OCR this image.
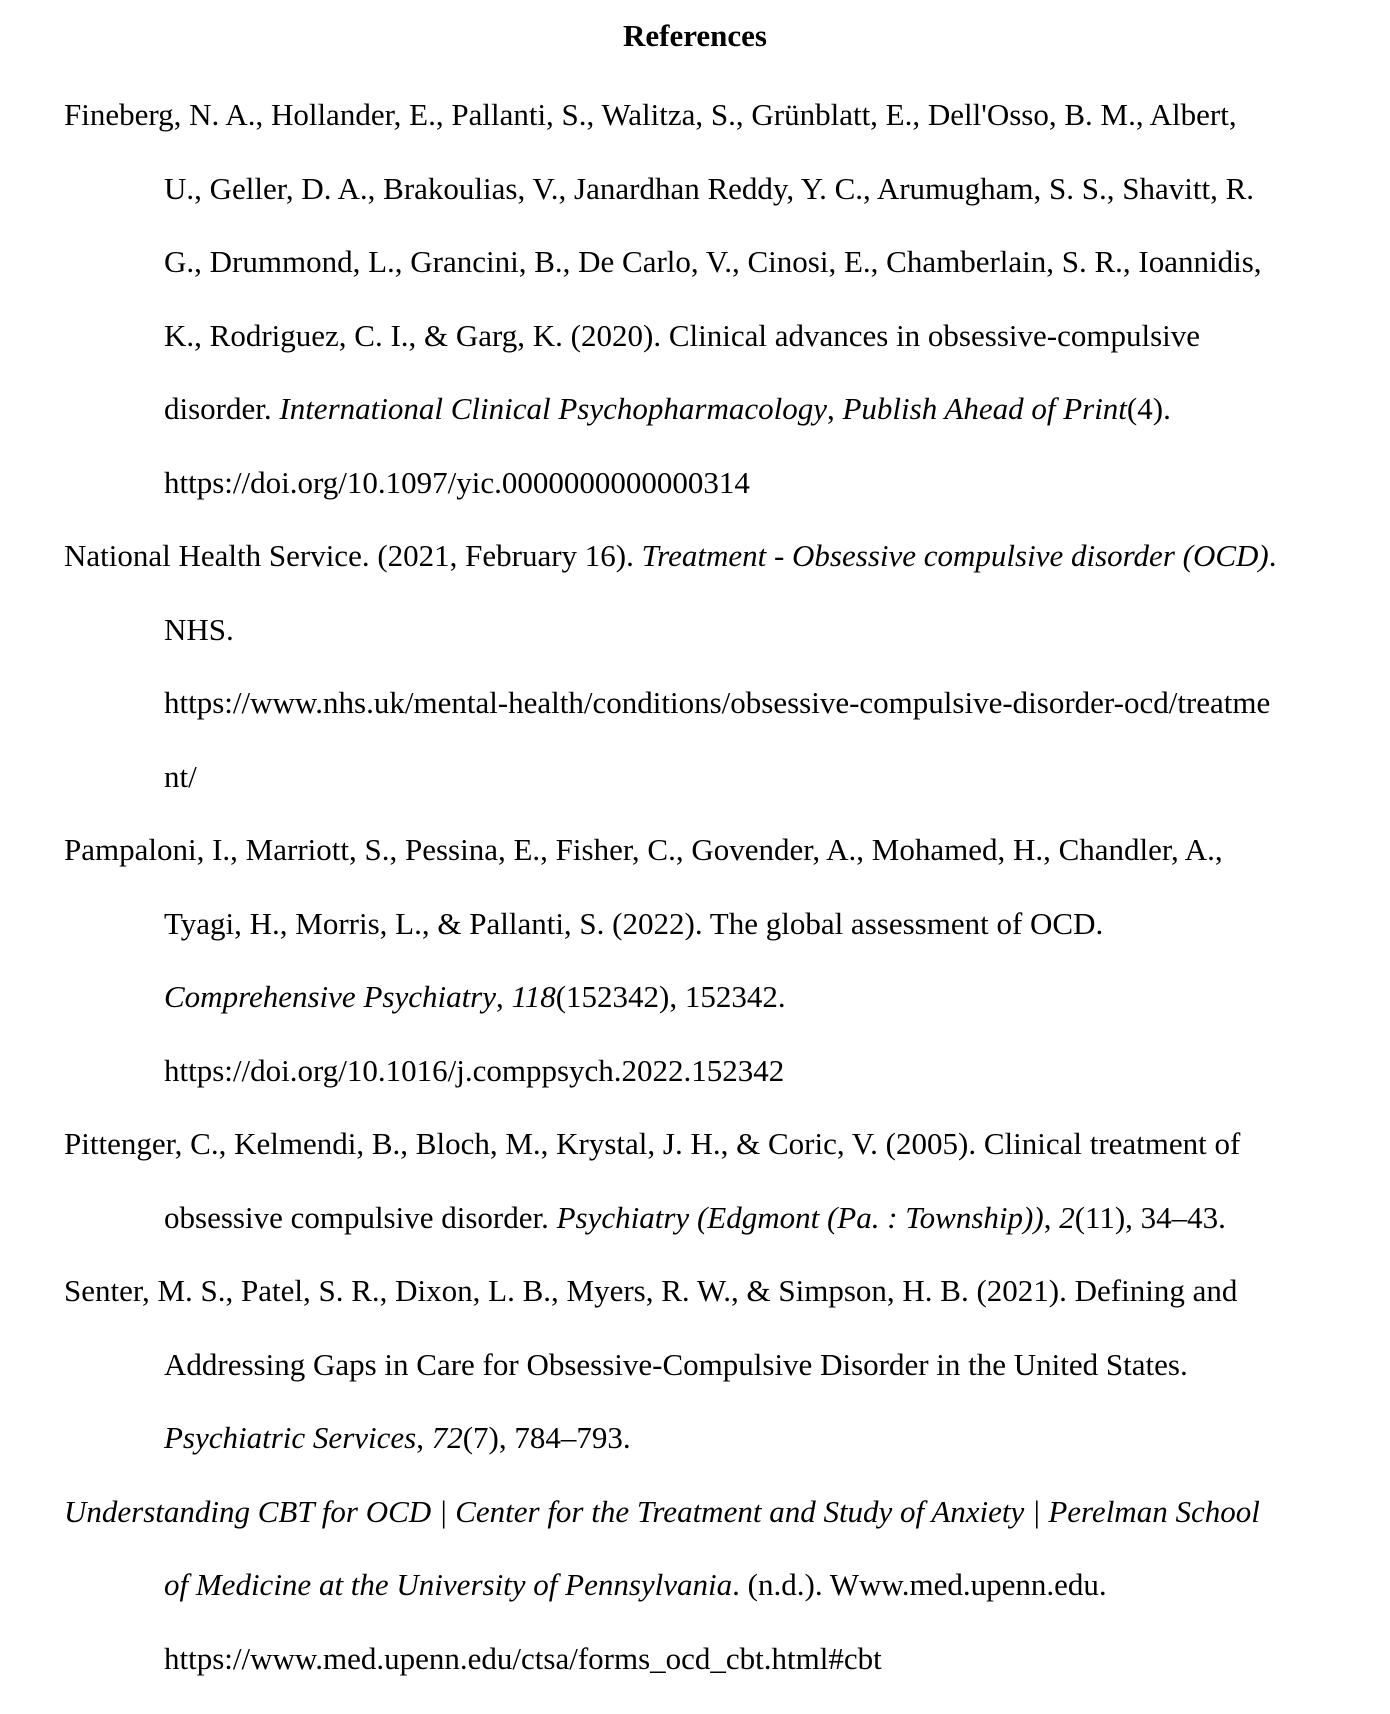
References
Fineberg, N. A., Hollander, E., Pallanti, S., Walitza, S., Grünblatt, E., Dell'Osso, B. M., Albert,
U., Geller, D. A., Brakoulias, V., Janardhan Reddy, Y. C., Arumugham, S. S., Shavitt, R.
G., Drummond, L., Grancini, B., De Carlo, V., Cinosi, E., Chamberlain, S. R., Ioannidis,
K., Rodriguez, C. I., & Garg, K. (2020). Clinical advances in obsessive-compulsive
disorder. International Clinical Psychopharmacology, Publish Ahead of Print(4).
https://doi.org/10.1097/yic.0000000000000314
National Health Service. (2021, February 16). Treatment - Obsessive compulsive disorder (OCD).
NHS.
https://www.nhs.uk/mental-health/conditions/obsessive-compulsive-disorder-ocd/treatme
nt/
Pampaloni, I., Marriott, S., Pessina, E., Fisher, C., Govender, A., Mohamed, H., Chandler, A.,
Tyagi, H., Morris, L., & Pallanti, S. (2022). The global assessment of OCD.
Comprehensive Psychiatry, 118(152342), 152342.
https://doi.org/10.1016/j.comppsych.2022.152342
Pittenger, C., Kelmendi, B., Bloch, M., Krystal, J. H., & Coric, V. (2005). Clinical treatment of
obsessive compulsive disorder. Psychiatry (Edgmont (Pa. : Township)), 2(11), 34–43.
Senter, M. S., Patel, S. R., Dixon, L. B., Myers, R. W., & Simpson, H. B. (2021). Defining and
Addressing Gaps in Care for Obsessive-Compulsive Disorder in the United States.
Psychiatric Services, 72(7), 784–793.
Understanding CBT for OCD | Center for the Treatment and Study of Anxiety | Perelman School
of Medicine at the University of Pennsylvania. (n.d.). Www.med.upenn.edu.
https://www.med.upenn.edu/ctsa/forms_ocd_cbt.html#cbt
